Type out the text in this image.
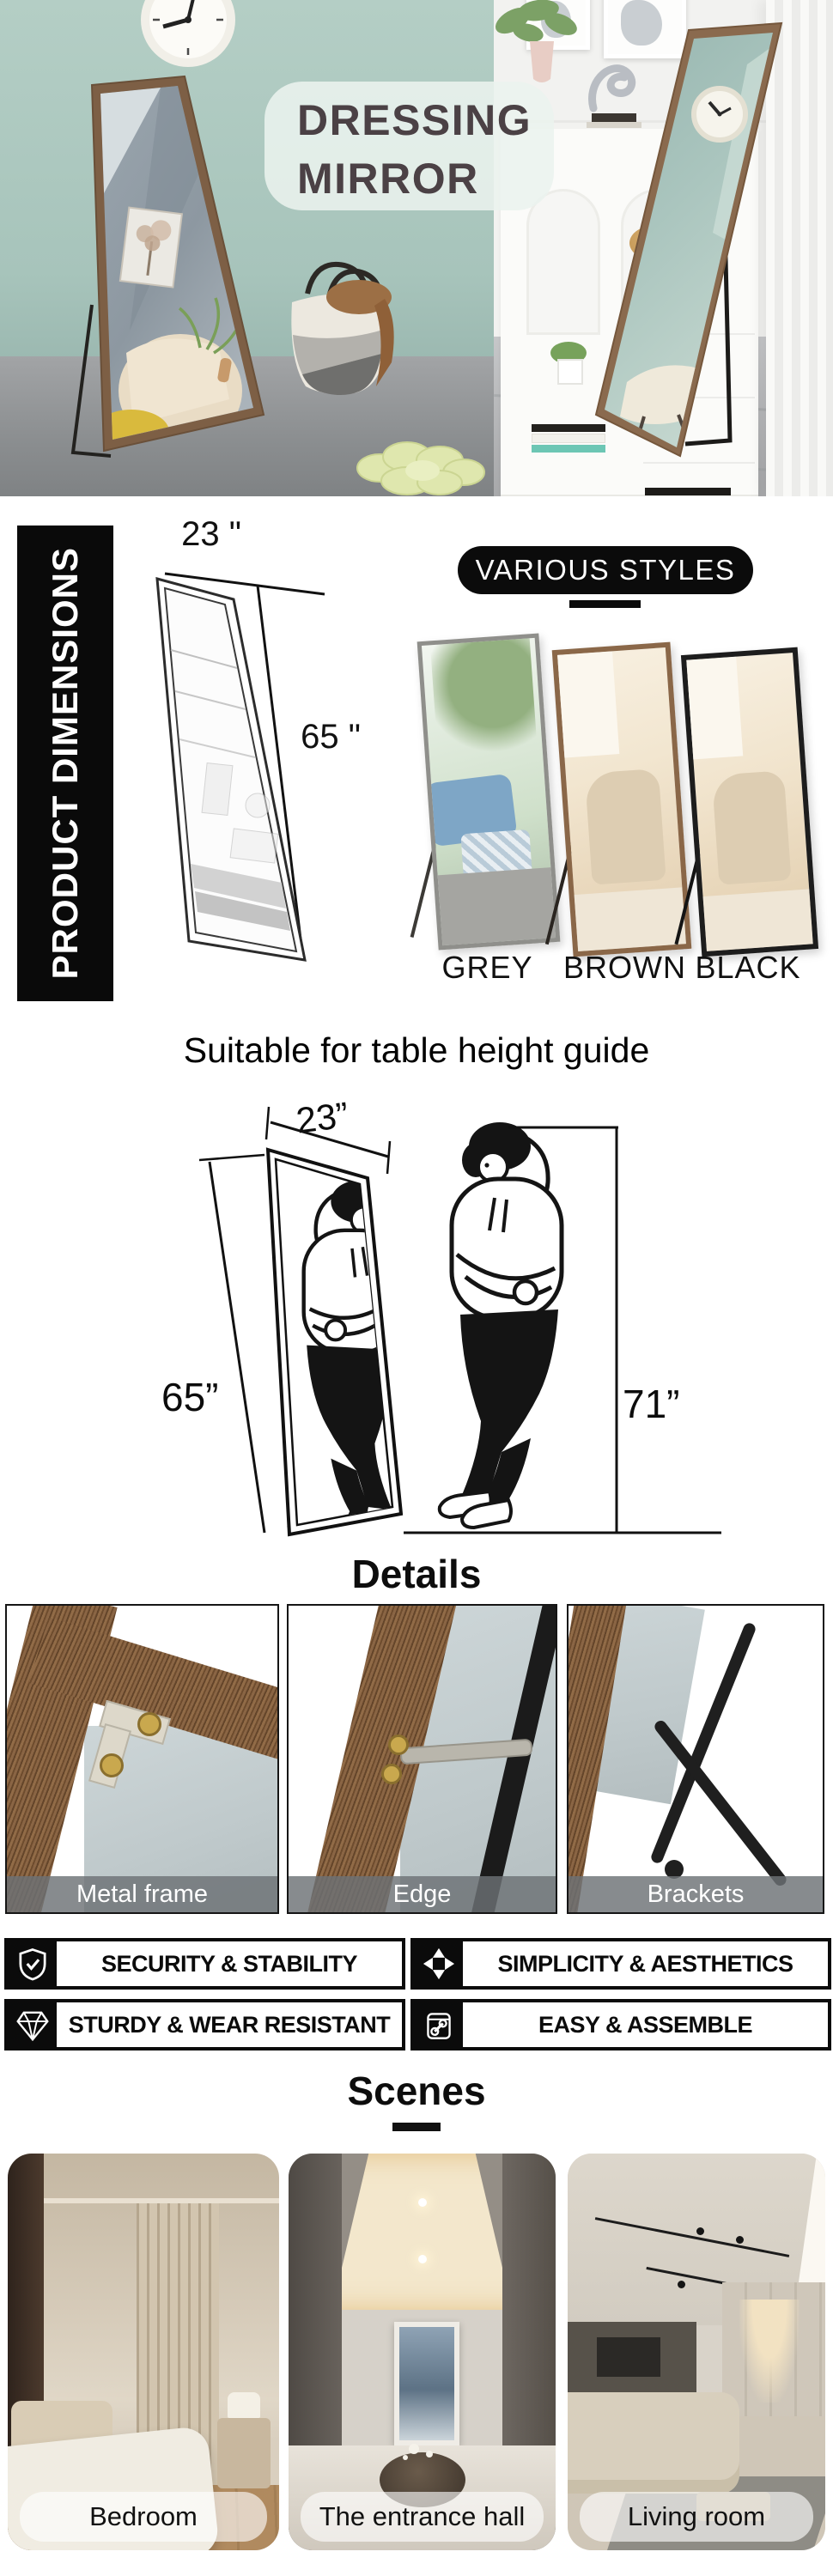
DRESSING
MIRROR
PRODUCT DIMENSIONS
23 "
65 "
VARIOUS STYLES
GREY BROWN BLACK
Suitable for table height guide
23”
65”	71”
Details
Metal frame	Edge	Brackets
SECURITY & STABILITY	SIMPLICITY & AESTHETICS
STURDY & WEAR RESISTANT	EASY & ASSEMBLE
Scenes
Bedroom	The entrance hall	Living room
